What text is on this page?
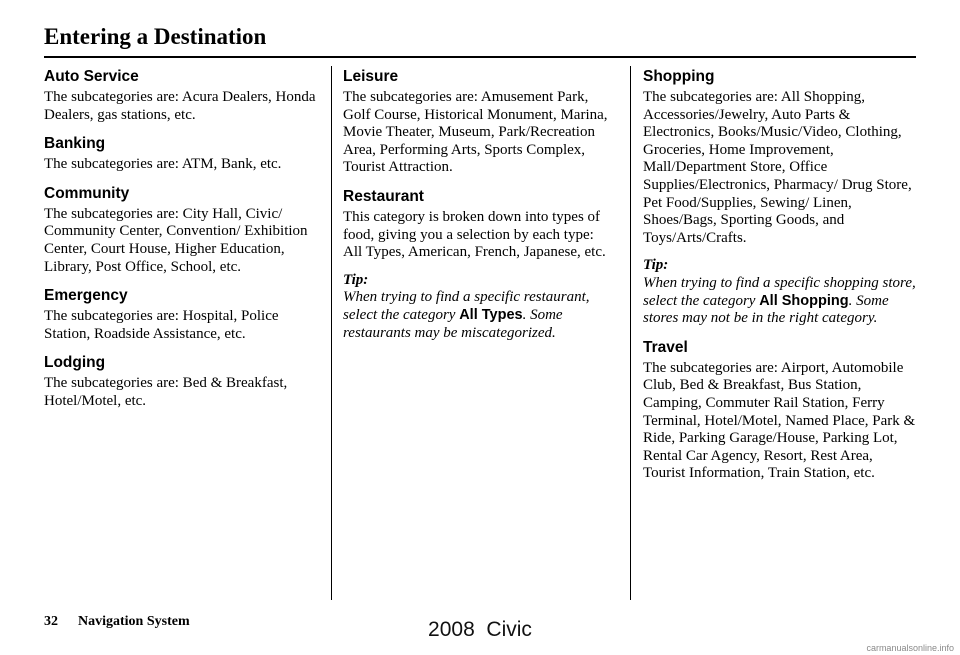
Entering a Destination
Auto Service

The subcategories are: Acura Dealers, Honda Dealers, gas stations, etc.

Banking

The subcategories are: ATM, Bank, etc.

Community

The subcategories are: City Hall, Civic/ Community Center, Convention/ Exhibition Center, Court House, Higher Education, Library, Post Office, School, etc.

Emergency

The subcategories are: Hospital, Police Station, Roadside Assistance, etc.

Lodging

The subcategories are: Bed & Breakfast, Hotel/Motel, etc.

Leisure

The subcategories are: Amusement Park, Golf Course, Historical Monument, Marina, Movie Theater, Museum, Park/Recreation Area, Performing Arts, Sports Complex, Tourist Attraction.

Restaurant

This category is broken down into types of food, giving you a selection by each type: All Types, American, French, Japanese, etc.

Tip:

When trying to find a specific restaurant, select the category All Types. Some restaurants may be miscategorized.

Shopping

The subcategories are: All Shopping, Accessories/Jewelry, Auto Parts & Electronics, Books/Music/Video, Clothing, Groceries, Home Improvement, Mall/Department Store, Office Supplies/Electronics, Pharmacy/ Drug Store, Pet Food/Supplies, Sewing/ Linen, Shoes/Bags, Sporting Goods, and Toys/Arts/Crafts.

Tip:

When trying to find a specific shopping store, select the category All Shopping. Some stores may not be in the right category.

Travel

The subcategories are: Airport, Automobile Club, Bed & Breakfast, Bus Station, Camping, Commuter Rail Station, Ferry Terminal, Hotel/Motel, Named Place, Park & Ride, Parking Garage/House, Parking Lot, Rental Car Agency, Resort, Rest Area, Tourist Information, Train Station, etc.

32 Navigation System	2008  Civic
carmanualsonline.info
